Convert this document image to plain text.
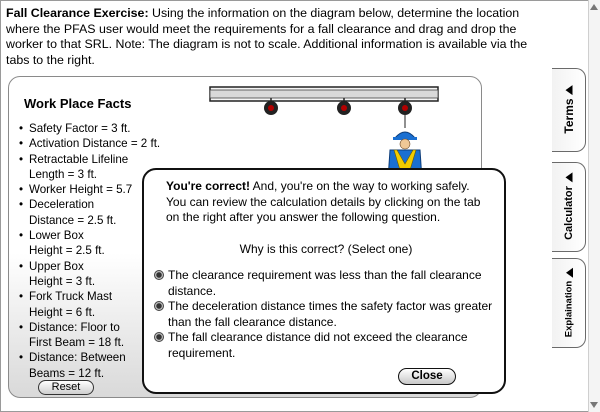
Fall Clearance Exercise: Using the information on the diagram below, determine the location where the PFAS user would meet the requirements for a fall clearance and drag and drop the worker to that SRL. Note: The diagram is not to scale. Additional information is available via the tabs to the right.
Work Place Facts
• Safety Factor = 3 ft.
• Activation Distance = 2 ft.
• Retractable Lifeline
Length = 3 ft.
• Worker Height = 5.7
• Deceleration
Distance = 2.5 ft.
• Lower Box
Height = 2.5 ft.
• Upper Box
Height = 3 ft.
• Fork Truck Mast
Height = 6 ft.
• Distance: Floor to
First Beam = 18 ft.
• Distance: Between
Beams = 12 ft.
Reset
Terms
Calculator
Explaination
You're correct! And, you're on the way to working safely. You can review the calculation details by clicking on the tab on the right after you answer the following question.
Why is this correct? (Select one)
The clearance requirement was less than the fall clearance distance.
The deceleration distance times the safety factor was greater than the fall clearance distance.
The fall clearance distance did not exceed the clearance requirement.
Close
